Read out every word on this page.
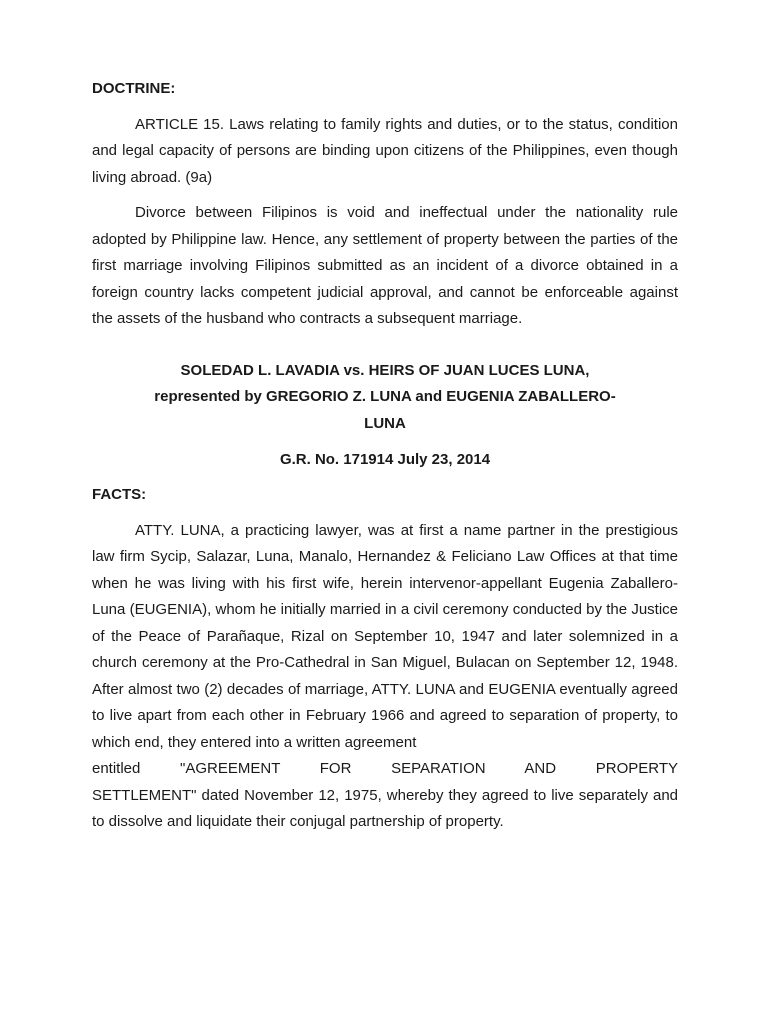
DOCTRINE:

ARTICLE 15. Laws relating to family rights and duties, or to the status, condition and legal capacity of persons are binding upon citizens of the Philippines, even though living abroad. (9a)

Divorce between Filipinos is void and ineffectual under the nationality rule adopted by Philippine law. Hence, any settlement of property between the parties of the first marriage involving Filipinos submitted as an incident of a divorce obtained in a foreign country lacks competent judicial approval, and cannot be enforceable against the assets of the husband who contracts a subsequent marriage.

SOLEDAD L. LAVADIA vs. HEIRS OF JUAN LUCES LUNA,
represented by GREGORIO Z. LUNA and EUGENIA ZABALLERO-
LUNA
G.R. No. 171914 July 23, 2014
FACTS:

ATTY. LUNA, a practicing lawyer, was at first a name partner in the prestigious law firm Sycip, Salazar, Luna, Manalo, Hernandez & Feliciano Law Offices at that time when he was living with his first wife, herein intervenor-appellant Eugenia Zaballero-Luna (EUGENIA), whom he initially married in a civil ceremony conducted by the Justice of the Peace of Parañaque, Rizal on September 10, 1947 and later solemnized in a church ceremony at the Pro-Cathedral in San Miguel, Bulacan on September 12, 1948. After almost two (2) decades of marriage, ATTY. LUNA and EUGENIA eventually agreed to live apart from each other in February 1966 and agreed to separation of property, to which end, they entered into a written agreement
entitled "AGREEMENT FOR SEPARATION AND PROPERTY
SETTLEMENT" dated November 12, 1975, whereby they agreed to live separately and to dissolve and liquidate their conjugal partnership of property.
